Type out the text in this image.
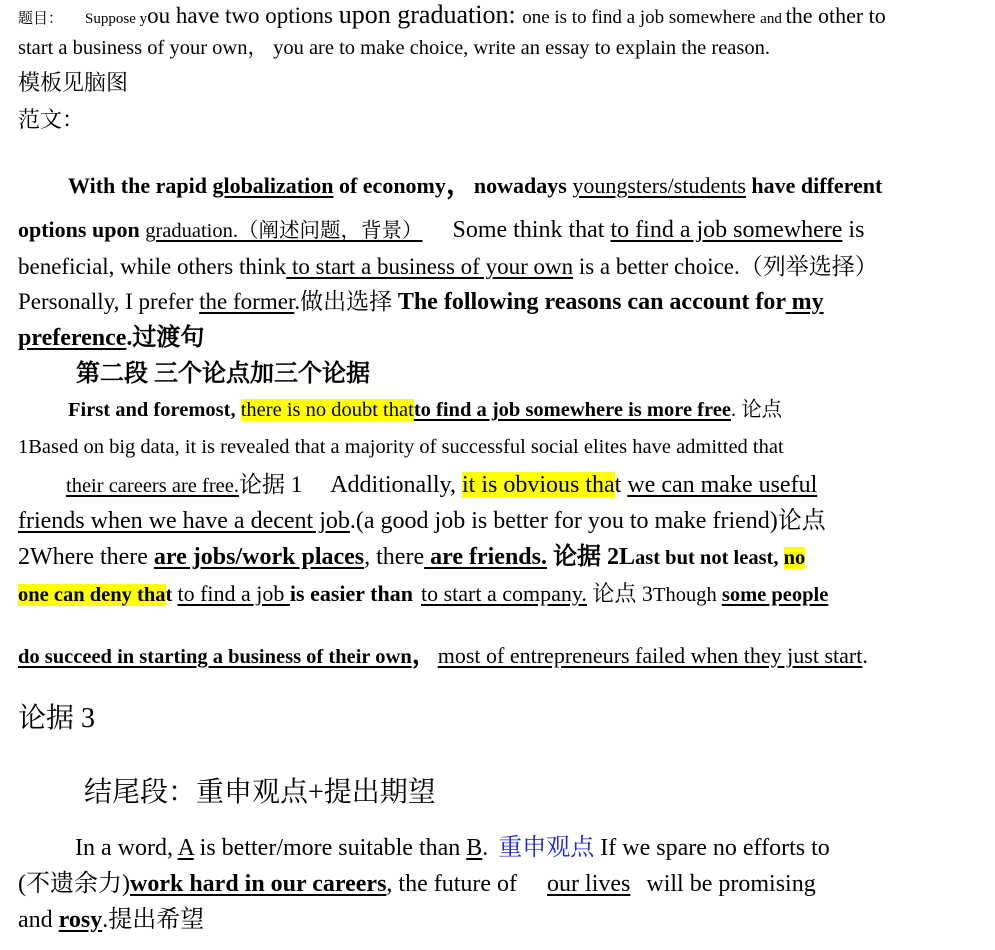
题目： Suppose you have two options upon graduation: one is to find a job somewhere and the other to
start a business of your own， you are to make choice, write an essay to explain the reason.
模板见脑图
范文：
With the rapid globalization of economy，nowadays youngsters/students have different
options upon graduation.（阐述问题，背景） Some think that to find a job somewhere is
beneficial, while others think to start a business of your own is a better choice.（列举选择）
Personally, I prefer the former.做出选择 The following reasons can account for my
preference.过渡句
第二段 三个论点加三个论据
First and foremost, there is no doubt thatto find a job somewhere is more free. 论点
1Based on big data, it is revealed that a majority of successful social elites have admitted that
their careers are free.论据 1 Additionally, it is obvious that we can make useful
friends when we have a decent job.(a good job is better for you to make friend)论点
2Where there are jobs/work places, there are friends. 论据 2Last but not least, no
one can deny that to find a job is easier than to start a company. 论点 3Though some people
do succeed in starting a business of their own，most of entrepreneurs failed when they just start.
论据 3
结尾段：重申观点+提出期望
In a word, A is better/more suitable than B. 重申观点 If we spare no efforts to
(不遗余力)work hard in our careers, the future of our lives will be promising
and rosy.提出希望
